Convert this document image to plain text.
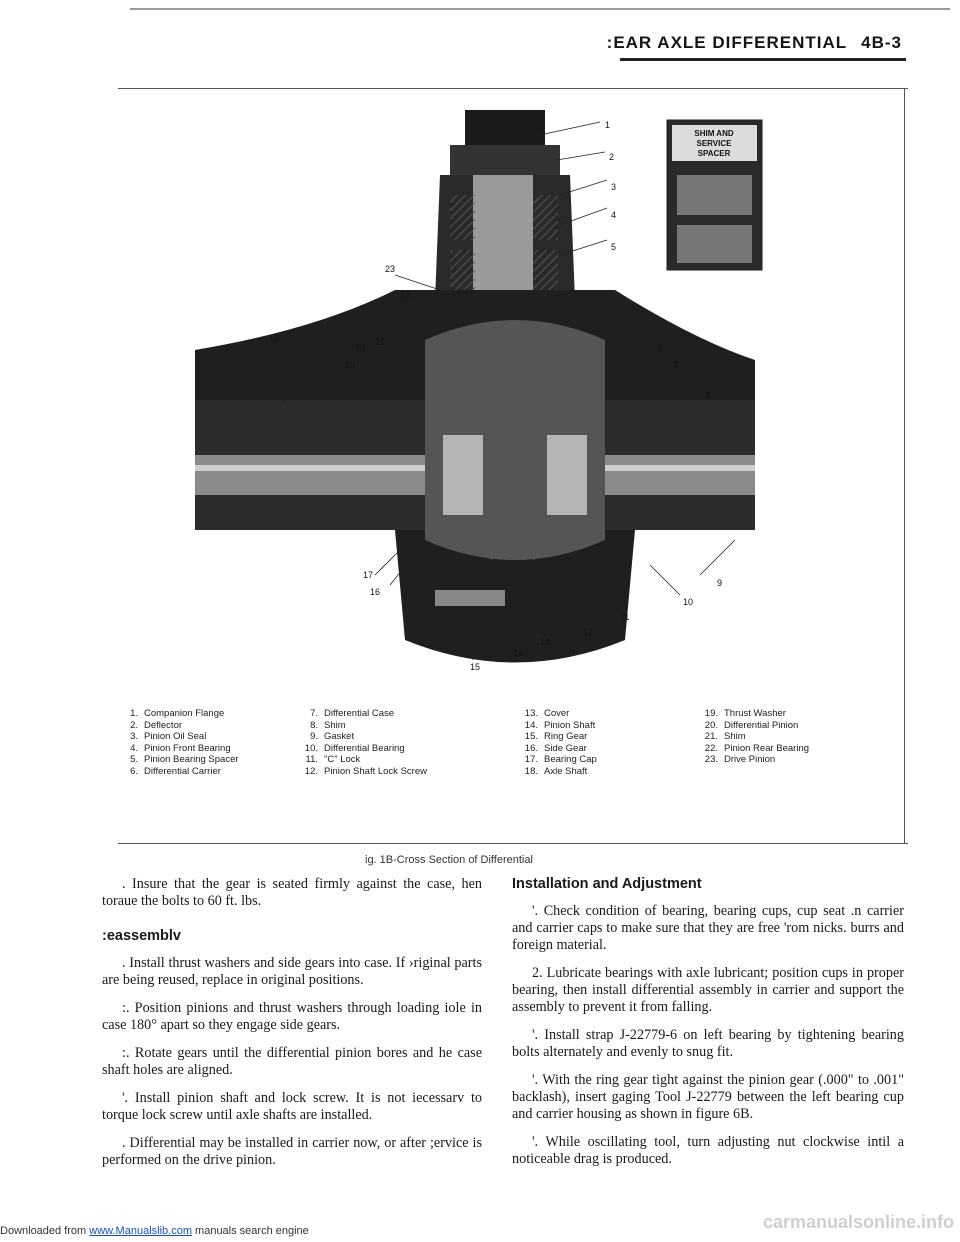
:EAR AXLE DIFFERENTIAL 4B-3
SHIM AND
SERVICE
SPACER
1
2
3
4
5
6
7
8
9
10
11
12
13
14
15
16
17
18
19
20 21
22
23
1. Companion Flange
2. Deflector
3. Pinion Oil Seal
4. Pinion Front Bearing
5. Pinion Bearing Spacer
6. Differential Carrier
7. Differential Case
8. Shim
9. Gasket
10. Differential Bearing
11. "C" Lock
12. Pinion Shaft Lock Screw
13. Cover
14. Pinion Shaft
15. Ring Gear
16. Side Gear
17. Bearing Cap
18. Axle Shaft
19. Thrust Washer
20. Differential Pinion
21. Shim
22. Pinion Rear Bearing
23. Drive Pinion
ig. 1B-Cross Section of Differential

. Insure that the gear is seated firmly against the case, hen toraue the bolts to 60 ft. lbs.

:eassemblv

. Install thrust washers and side gears into case. If ›riginal parts are being reused, replace in original positions.

:. Position pinions and thrust washers through loading iole in case 180° apart so they engage side gears.

:. Rotate gears until the differential pinion bores and he case shaft holes are aligned.

'. Install pinion shaft and lock screw. It is not iecessarv to torque lock screw until axle shafts are installed.

. Differential may be installed in carrier now, or after ;ervice is performed on the drive pinion.

Installation and Adjustment

'. Check condition of bearing, bearing cups, cup seat .n carrier and carrier caps to make sure that they are free 'rom nicks. burrs and foreign material.

2. Lubricate bearings with axle lubricant; position cups in proper bearing, then install differential assembly in carrier and support the assembly to prevent it from falling.

'. Install strap J-22779-6 on left bearing by tightening bearing bolts alternately and evenly to snug fit.

'. With the ring gear tight against the pinion gear (.000" to .001" backlash), insert gaging Tool J-22779 between the left bearing cup and carrier housing as shown in figure 6B.

'. While oscillating tool, turn adjusting nut clockwise intil a noticeable drag is produced.

Downloaded from www.Manualslib.com manuals search engine	carmanualsonline.info
